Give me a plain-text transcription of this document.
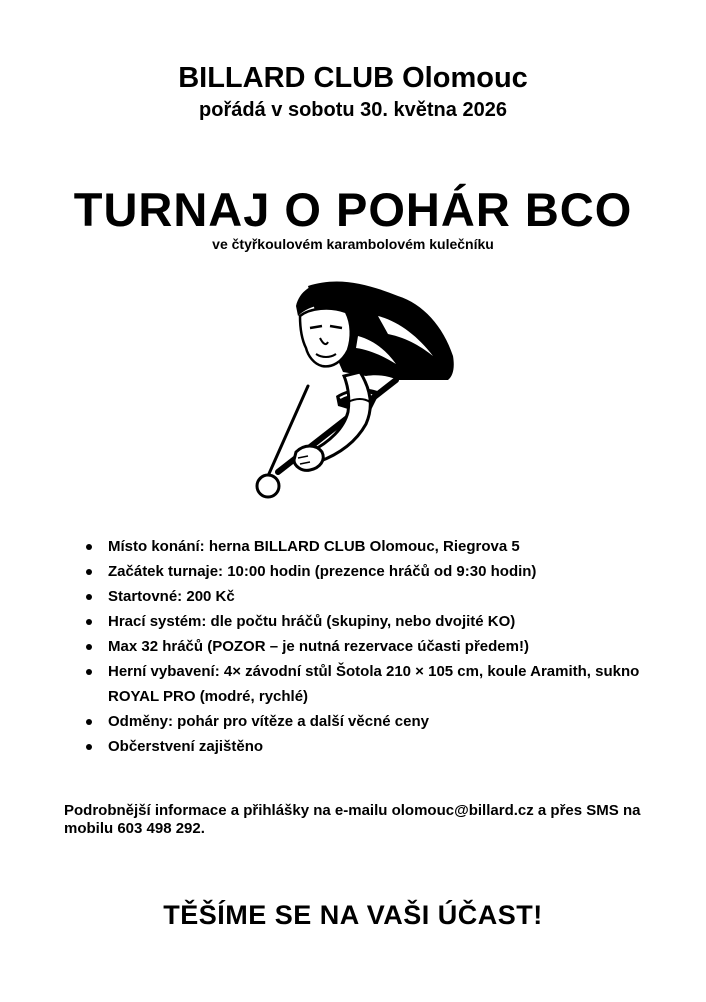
BILLARD CLUB Olomouc
pořádá v sobotu 30. května 2026
TURNAJ O POHÁR BCO
ve čtyřkoulovém karambolovém kulečníku
Místo konání: herna BILLARD CLUB Olomouc, Riegrova 5
Začátek turnaje: 10:00 hodin (prezence hráčů od 9:30 hodin)
Startovné: 200 Kč
Hrací systém: dle počtu hráčů (skupiny, nebo dvojité KO)
Max 32 hráčů (POZOR – je nutná rezervace účasti předem!)
Herní vybavení: 4× závodní stůl Šotola 210 × 105 cm, koule Aramith, sukno ROYAL PRO (modré, rychlé)
Odměny: pohár pro vítěze a další věcné ceny
Občerstvení zajištěno
Podrobnější informace a přihlášky na e-mailu olomouc@billard.cz a přes SMS na mobilu 603 498 292.
TĚŠÍME SE NA VAŠI ÚČAST!
